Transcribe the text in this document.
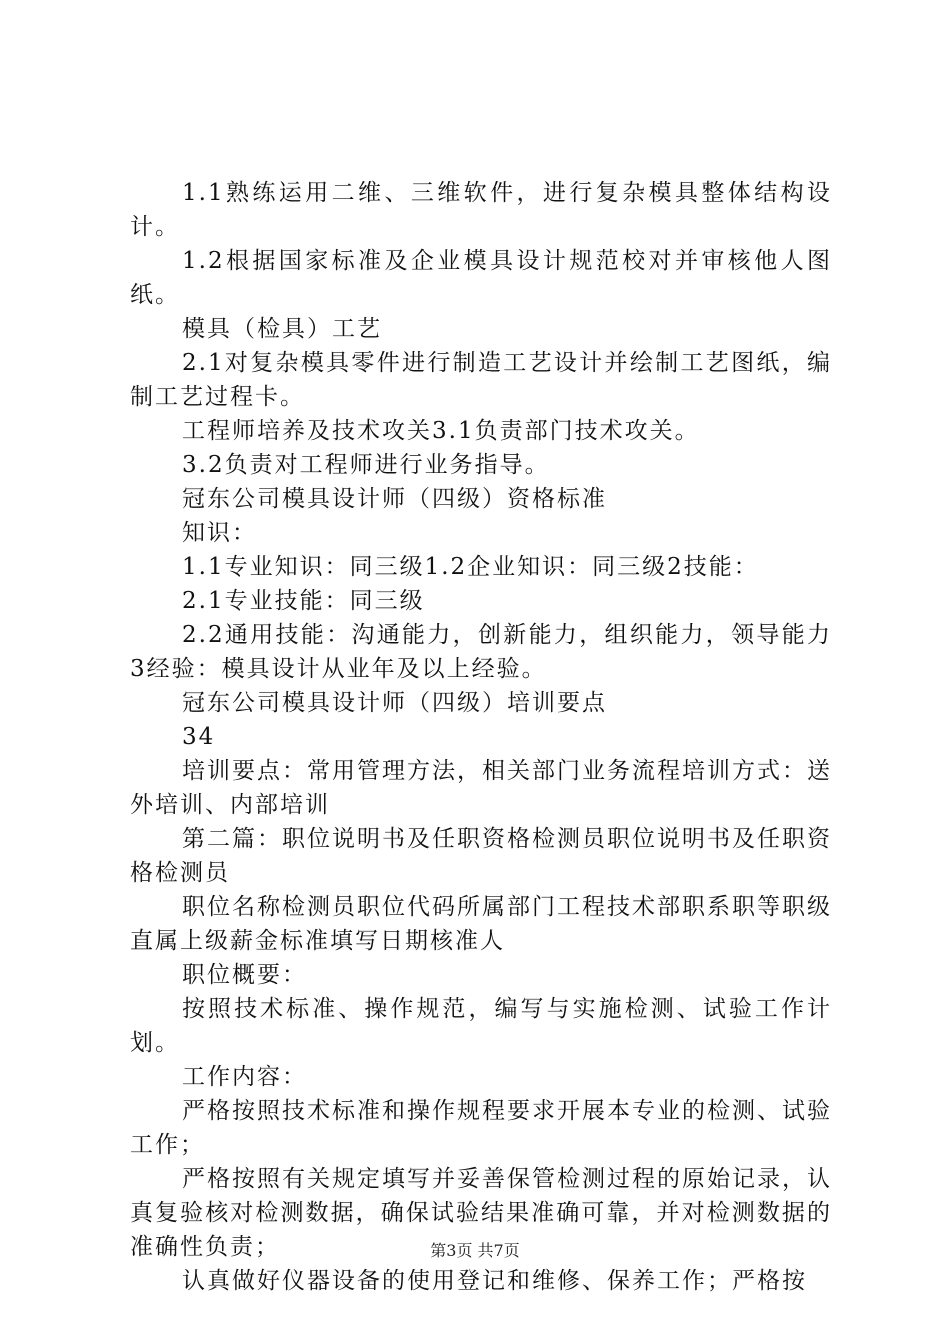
1.1熟练运用二维、三维软件，进行复杂模具整体结构设计。

1.2根据国家标准及企业模具设计规范校对并审核他人图纸。

模具（检具）工艺

2.1对复杂模具零件进行制造工艺设计并绘制工艺图纸，编制工艺过程卡。

工程师培养及技术攻关3.1负责部门技术攻关。

3.2负责对工程师进行业务指导。

冠东公司模具设计师（四级）资格标准

知识：

1.1专业知识：同三级1.2企业知识：同三级2技能：

2.1专业技能：同三级

2.2通用技能：沟通能力，创新能力，组织能力，领导能力3经验：模具设计从业年及以上经验。

冠东公司模具设计师（四级）培训要点

34

培训要点：常用管理方法，相关部门业务流程培训方式：送外培训、内部培训

第二篇：职位说明书及任职资格检测员职位说明书及任职资格检测员

职位名称检测员职位代码所属部门工程技术部职系职等职级直属上级薪金标准填写日期核准人

职位概要：

按照技术标准、操作规范，编写与实施检测、试验工作计划。

工作内容：

严格按照技术标准和操作规程要求开展本专业的检测、试验工作；

严格按照有关规定填写并妥善保管检测过程的原始记录，认真复验核对检测数据，确保试验结果准确可靠，并对检测数据的准确性负责；

认真做好仪器设备的使用登记和维修、保养工作；严格按

第3页 共7页
